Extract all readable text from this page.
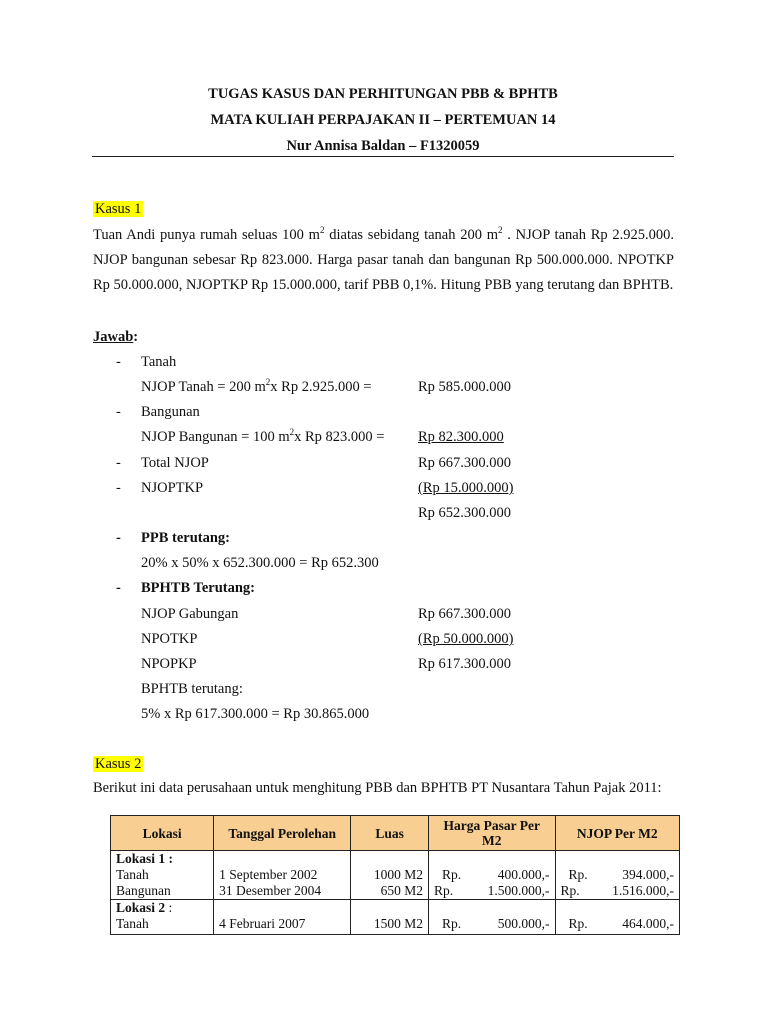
TUGAS KASUS DAN PERHITUNGAN PBB & BPHTB
MATA KULIAH PERPAJAKAN II – PERTEMUAN 14
Nur Annisa Baldan – F1320059
Kasus 1
Tuan Andi punya rumah seluas 100 $m^2$ diatas sebidang tanah 200 $m^2$ . NJOP tanah Rp 2.925.000. NJOP bangunan sebesar Rp 823.000. Harga pasar tanah dan bangunan Rp 500.000.000. NPOTKP Rp 50.000.000, NJOPTKP Rp 15.000.000, tarif PBB 0,1%. Hitung PBB yang terutang dan BPHTB.
Jawab:
- Tanah
NJOP Tanah = 200 $m^2x$ Rp 2.925.000 =	Rp 585.000.000
- Bangunan
NJOP Bangunan = 100 $m^2x$ Rp 823.000 = Rp 82.300.000
- Total NJOP	Rp 667.300.000
- NJOPTKP	(Rp 15.000.000)
Rp 652.300.000
- PPB terutang:
20% x 50% x 652.300.000 = Rp 652.300
- BPHTB Terutang:
NJOP Gabungan	Rp 667.300.000
NPOTKP	(Rp 50.000.000)
NPOPKP	Rp 617.300.000
BPHTB terutang:
5% x Rp 617.300.000 = Rp 30.865.000
Kasus 2
Berikut ini data perusahaan untuk menghitung PBB dan BPHTB PT Nusantara Tahun Pajak 2011:
Lokasi	Tanggal Perolehan	Luas	Harga Pasar Per M2	NJOP Per M2
Lokasi 1 :				
Tanah	1 September 2002	1000 M2	Rp. 400.000,-	Rp. 394.000,-

Bangunan	31 Desember 2004	650 M2	Rp. 1.500.000,-	Rp. 1.516.000,-

Lokasi 2 :				
Tanah	4 Februari 2007	1500 M2	Rp. 500.000,-	Rp. 464.000,-
